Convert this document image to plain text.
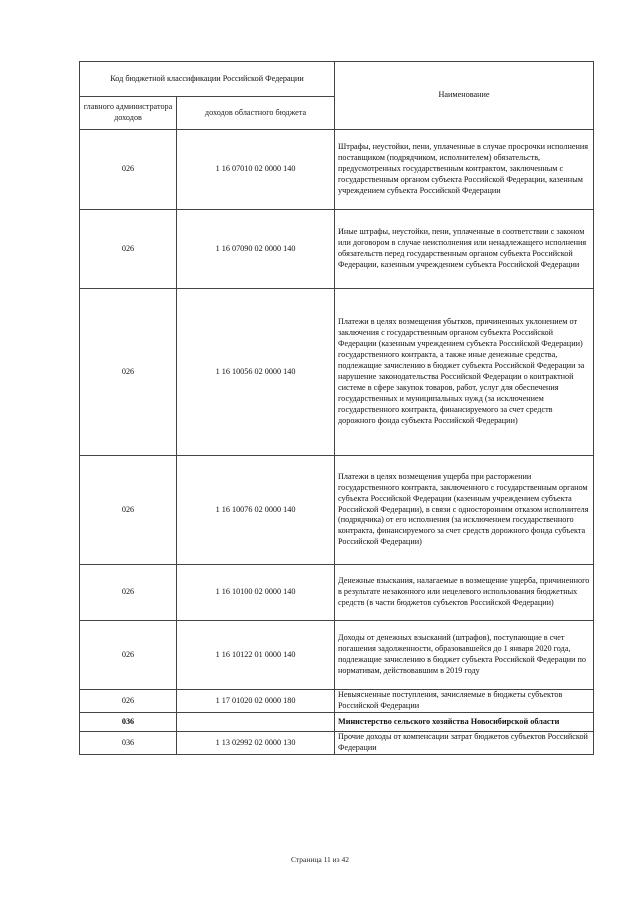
Код бюджетной классификации Российской Федерации		Наименование
главного администратора доходов	доходов областного бюджета	
026	1 16 07010 02 0000 140	Штрафы, неустойки, пени, уплаченные в случае просрочки исполнения поставщиком (подрядчиком, исполнителем) обязательств, предусмотренных государственным контрактом, заключенным с государственным органом субъекта Российской Федерации, казенным учреждением субъекта Российской Федерации
026	1 16 07090 02 0000 140	Иные штрафы, неустойки, пени, уплаченные в соответствии с законом или договором в случае неисполнения или ненадлежащего исполнения обязательств перед государственным органом субъекта Российской Федерации, казенным учреждением субъекта Российской Федерации
026	1 16 10056 02 0000 140	Платежи в целях возмещения убытков, причиненных уклонением от заключения с государственным органом субъекта Российской Федерации (казенным учреждением субъекта Российской Федерации) государственного контракта, а также иные денежные средства, подлежащие зачислению в бюджет субъекта Российской Федерации за нарушение законодательства Российской Федерации о контрактной системе в сфере закупок товаров, работ, услуг для обеспечения государственных и муниципальных нужд (за исключением государственного контракта, финансируемого за счет средств дорожного фонда субъекта Российской Федерации)
026	1 16 10076 02 0000 140	Платежи в целях возмещения ущерба при расторжении государственного контракта, заключенного с государственным органом субъекта Российской Федерации (казенным учреждением субъекта Российской Федерации), в связи с односторонним отказом исполнителя (подрядчика) от его исполнения (за исключением государственного контракта, финансируемого за счет средств дорожного фонда субъекта Российской Федерации)
026	1 16 10100 02 0000 140	Денежные взыскания, налагаемые в возмещение ущерба, причиненного в результате незаконного или нецелевого использования бюджетных средств (в части бюджетов субъектов Российской Федерации)
026	1 16 10122 01 0000 140	Доходы от денежных взысканий (штрафов), поступающие в счет погашения задолженности, образовавшейся до 1 января 2020 года, подлежащие зачислению в бюджет субъекта Российской Федерации по нормативам, действовавшим в 2019 году
026	1 17 01020 02 0000 180	Невыясненные поступления, зачисляемые в бюджеты субъектов Российской Федерации
036		Министерство сельского хозяйства Новосибирской области
036	1 13 02992 02 0000 130	Прочие доходы от компенсации затрат бюджетов субъектов Российской Федерации
Страница 11 из 42
